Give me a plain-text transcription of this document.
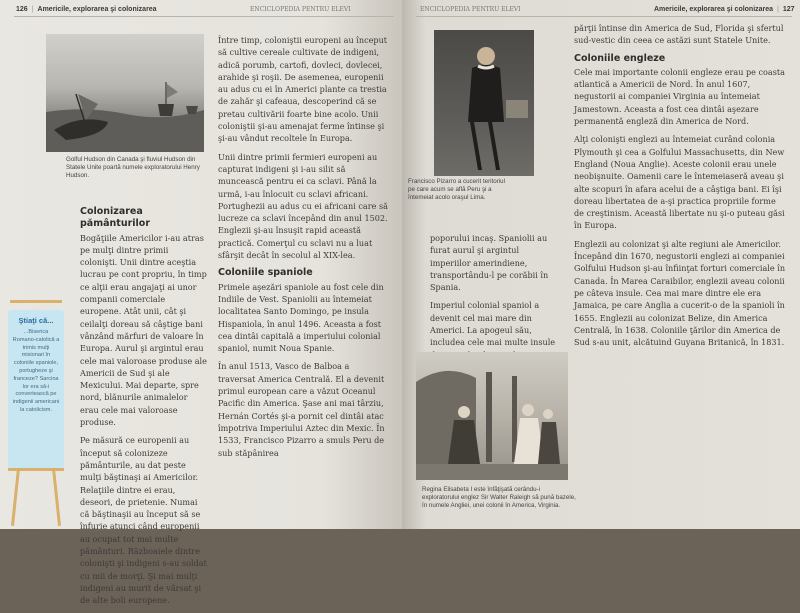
126 | Americile, explorarea şi colonizarea	ENCICLOPEDIA PENTRU ELEVI
Golful Hudson din Canada şi fluviul Hudson din Statele Unite poartă numele exploratorului Henry Hudson.
Colonizarea pământurilor

Bogăţiile Americilor i-au atras pe mulţi dintre primii colonişti. Unii dintre aceştia lucrau pe cont propriu, în timp ce alţii erau angajaţi ai unor companii comerciale europene. Atât unii, cât şi ceilalţi doreau să câştige bani vânzând mărfuri de valoare în Europa. Aurul şi argintul erau cele mai valoroase produse ale Americii de Sud şi ale Mexicului. Mai departe, spre nord, blănurile animalelor erau cele mai valoroase produse.

Pe măsură ce europenii au început să colonizeze pământurile, au dat peste mulţi băştinaşi ai Americilor. Relaţiile dintre ei erau, deseori, de prietenie. Numai că băştinaşii au început să se înfurie atunci când europenii au ocupat tot mai multe pământuri. Războaiele dintre colonişti şi indigeni s-au soldat cu mii de morţi. Şi mai mulţi indigeni au murit de vărsat şi de alte boli europene.

Între timp, coloniştii europeni au început să cultive cereale cultivate de indigeni, adică porumb, cartofi, dovleci, dovlecei, arahide şi roşii. De asemenea, europenii au adus cu ei în Americi plante ca trestia de zahăr şi cafeaua, descoperind că se pretau cultivării foarte bine acolo. Unii coloniştii şi-au amenajat ferme întinse şi şi-au vândut recoltele în Europa.

Unii dintre primii fermieri europeni au capturat indigeni şi i-au silit să muncească pentru ei ca sclavi. Până la urmă, i-au înlocuit cu sclavi africani. Portughezii au adus cu ei africani care să lucreze ca sclavi începând din anul 1502. Englezii şi-au însuşit rapid această practică. Comerţul cu sclavi nu a luat sfârşit decât în secolul al XIX-lea.

Coloniile spaniole

Primele aşezări spaniole au fost cele din Indiile de Vest. Spaniolii au întemeiat localitatea Santo Domingo, pe insula Hispaniola, în anul 1496. Aceasta a fost cea dintâi capitală a imperiului colonial spaniol, numit Noua Spanie.

În anul 1513, Vasco de Balboa a traversat America Centrală. El a devenit primul european care a văzut Oceanul Pacific din America. Şase ani mai târziu, Hernán Cortés şi-a pornit cel dintâi atac împotriva Imperiului Aztec din Mexic. În 1533, Francisco Pizarro a smuls Peru de sub stăpânirea

Ştiaţi că...
...Biserica Romano-catolică a trimis mulţi misionari în coloniile spaniole, portugheze şi franceze? Sarcina lor era să-i convertească pe indigenii americani la catolicism.
ENCICLOPEDIA PENTRU ELEVI	Americile, explorarea şi colonizarea | 127
Francisco Pizarro a cucerit teritoriul pe care acum se află Peru şi a întemeiat acolo oraşul Lima.

poporului incaş. Spaniolii au furat aurul şi argintul imperiilor amerindiene, transportându-l pe corăbii în Spania.

Imperiul colonial spaniol a devenit cel mai mare din Americi. La apogeul său, includea cele mai multe insule

Regina Elisabeta I este înfăţişată cerându-i exploratorului englez Sir Walter Raleigh să pună bazele, în numele Angliei, unei colonii în America, Virginia.

părţii întinse din America de Sud, Florida şi sfertul sud-vestic din ceea ce astăzi sunt Statele Unite.

Coloniile engleze

Cele mai importante colonii engleze erau pe coasta atlantică a Americii de Nord. În anul 1607, negustorii ai companiei Virginia au întemeiat Jamestown. Aceasta a fost cea dintâi aşezare permanentă engleză din America de Nord.

Alţi colonişti englezi au întemeiat curând colonia Plymouth şi cea a Golfului Massachusetts, din New England (Noua Anglie). Aceste colonii erau unele neobişnuite. Oamenii care le întemeiaseră aveau şi alte scopuri în afara acelui de a câştiga bani. Ei îşi doreau libertatea de a-şi practica propriile forme de creştinism. Această libertate nu şi-o puteau găsi în Europa.

Englezii au colonizat şi alte regiuni ale Americilor. Începând din 1670, negustorii englezi ai companiei Golfului Hudson şi-au înfiinţat forturi comerciale în Canada. În Marea Caraibilor, englezii aveau colonii pe câteva insule. Cea mai mare dintre ele era Jamaica, pe care Anglia a cucerit-o de la spanioli în 1655. Englezii au colonizat Belize, din America Centrală, în 1638. Coloniile ţărilor din America de Sud s-au unit, alcătuind Guyana Britanică, în 1831.
